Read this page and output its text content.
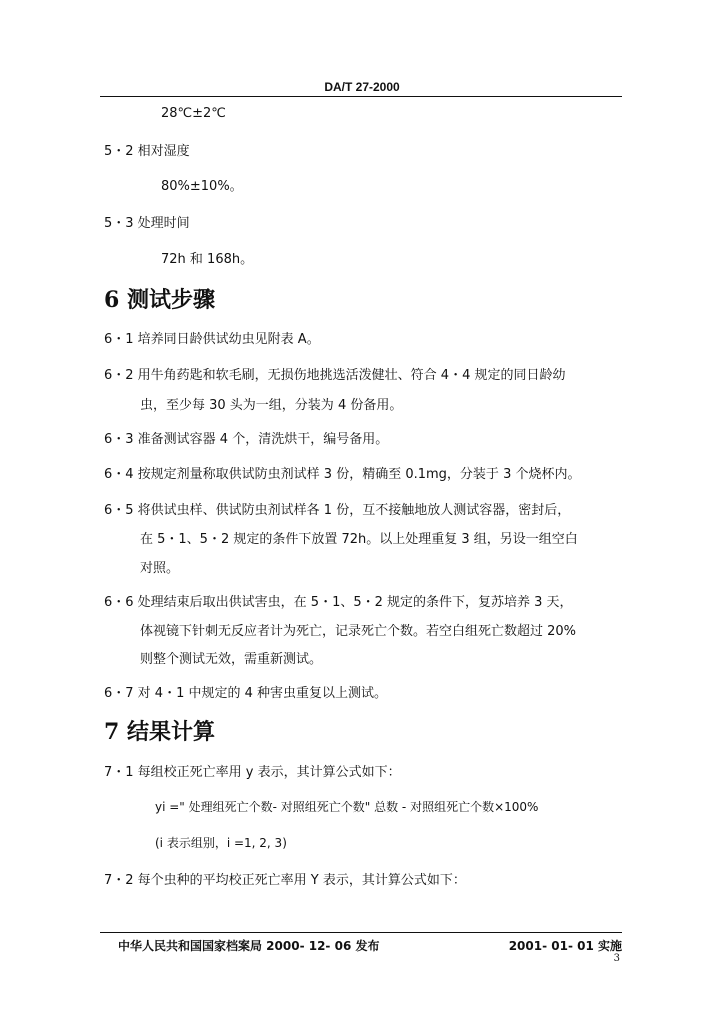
DA/T 27-2000
28℃±2℃
5・2 相对湿度
80%±10%。
5・3 处理时间
72h 和 168h。
6 测试步骤
6・1 培养同日龄供试幼虫见附表 A。
6・2 用牛角药匙和软毛刷，无损伤地挑选活泼健壮、符合 4・4 规定的同日龄幼
虫，至少每 30 头为一组，分装为 4 份备用。
6・3 准备测试容器 4 个，清洗烘干，编号备用。
6・4 按规定剂量称取供试防虫剂试样 3 份，精确至 0.1mg，分装于 3 个烧杯内。
6・5 将供试虫样、供试防虫剂试样各 1 份，互不接触地放人测试容器，密封后，
在 5・1、5・2 规定的条件下放置 72h。以上处理重复 3 组，另设一组空白
对照。
6・6 处理结束后取出供试害虫，在 5・1、5・2 规定的条件下，复苏培养 3 天，
体视镜下针刺无反应者计为死亡，记录死亡个数。若空白组死亡数超过 20%
则整个测试无效，需重新测试。
6・7 对 4・1 中规定的 4 种害虫重复以上测试。
7 结果计算
7・1 每组校正死亡率用 y 表示，其计算公式如下：
yi =" 处理组死亡个数- 对照组死亡个数" 总数 - 对照组死亡个数×100%
(i 表示组别，i =1, 2, 3)
7・2 每个虫种的平均校正死亡率用 Y 表示，其计算公式如下：
中华人民共和国国家档案局 2000- 12- 06 发布	2001- 01- 01 实施
3
